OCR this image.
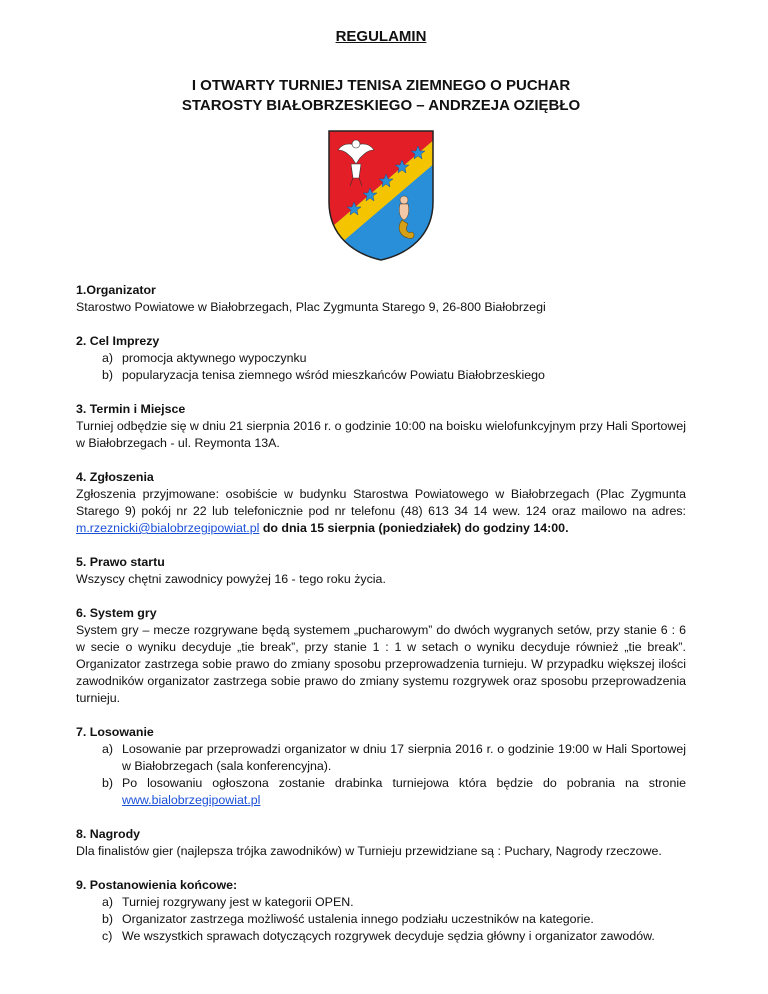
REGULAMIN
I OTWARTY TURNIEJ TENISA ZIEMNEGO O PUCHAR
STAROSTY BIAŁOBRZESKIEGO – ANDRZEJA OZIĘBŁO

1.Organizator

Starostwo Powiatowe w Białobrzegach, Plac Zygmunta Starego 9, 26-800 Białobrzegi

2. Cel Imprezy

a) promocja aktywnego wypoczynku
b) popularyzacja tenisa ziemnego wśród mieszkańców Powiatu Białobrzeskiego

3. Termin i Miejsce

Turniej odbędzie się w dniu 21 sierpnia 2016 r. o godzinie 10:00 na boisku wielofunkcyjnym przy Hali Sportowej w Białobrzegach - ul. Reymonta 13A.

4. Zgłoszenia

Zgłoszenia przyjmowane: osobiście w budynku Starostwa Powiatowego w Białobrzegach (Plac Zygmunta Starego 9) pokój nr 22 lub telefonicznie pod nr telefonu (48) 613 34 14 wew. 124 oraz mailowo na adres: m.rzeznicki@bialobrzegipowiat.pl do dnia 15 sierpnia (poniedziałek) do godziny 14:00.

5. Prawo startu

Wszyscy chętni zawodnicy powyżej 16 - tego roku życia.

6. System gry

System gry – mecze rozgrywane będą systemem „pucharowym” do dwóch wygranych setów, przy stanie 6 : 6 w secie o wyniku decyduje „tie break”, przy stanie 1 : 1 w setach o wyniku decyduje również „tie break”. Organizator zastrzega sobie prawo do zmiany sposobu przeprowadzenia turnieju. W przypadku większej ilości zawodników organizator zastrzega sobie prawo do zmiany systemu rozgrywek oraz sposobu przeprowadzenia turnieju.

7. Losowanie

a) Losowanie par przeprowadzi organizator w dniu 17 sierpnia 2016 r. o godzinie 19:00 w Hali Sportowej w Białobrzegach (sala konferencyjna).
b) Po losowaniu ogłoszona zostanie drabinka turniejowa która będzie do pobrania na stronie www.bialobrzegipowiat.pl

8. Nagrody

Dla finalistów gier (najlepsza trójka zawodników) w Turnieju przewidziane są : Puchary, Nagrody rzeczowe.

9. Postanowienia końcowe:

a) Turniej rozgrywany jest w kategorii OPEN.
b) Organizator zastrzega możliwość ustalenia innego podziału uczestników na kategorie.
c) We wszystkich sprawach dotyczących rozgrywek decyduje sędzia główny i organizator zawodów.
